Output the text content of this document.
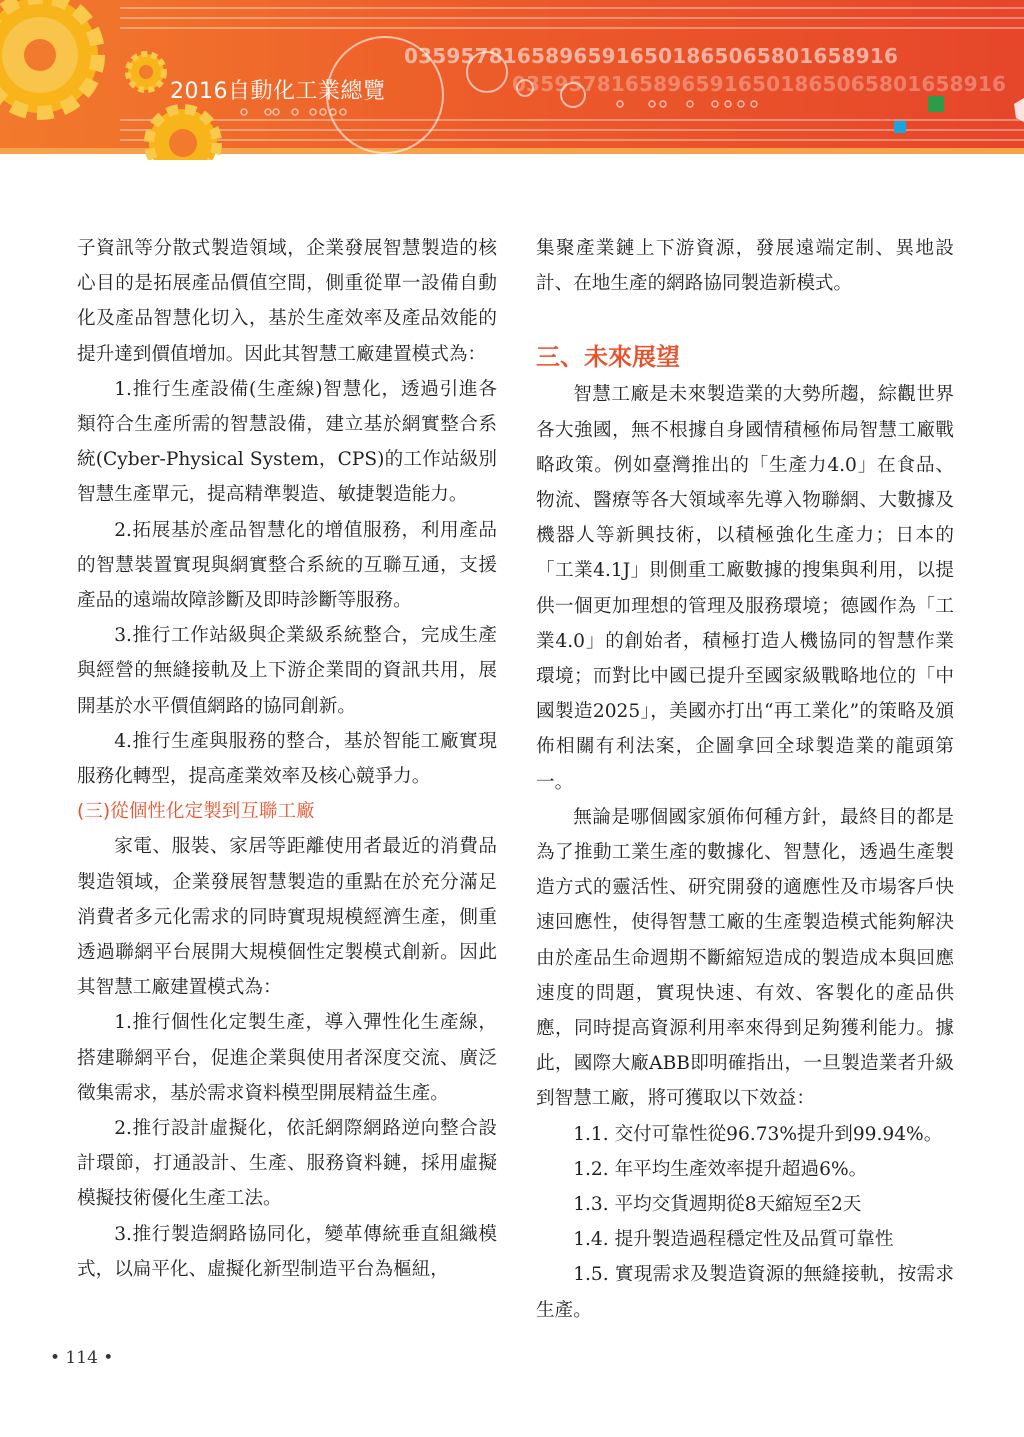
0359578165896591650186506580165891​6
03595781658965916501865065801658916
2016自動化工業總覽

子資訊等分散式製造領域，企業發展智慧製造的核心目的是拓展產品價值空間，側重從單一設備自動化及產品智慧化切入，基於生產效率及產品效能的提升達到價值增加。因此其智慧工廠建置模式為：

1.推行生產設備(生產線)智慧化，透過引進各類符合生產所需的智慧設備，建立基於網實整合系統(Cyber-Physical System，CPS)的工作站級別智慧生產單元，提高精準製造、敏捷製造能力。

2.拓展基於產品智慧化的增值服務，利用產品的智慧裝置實現與網實整合系統的互聯互通，支援產品的遠端故障診斷及即時診斷等服務。

3.推行工作站級與企業級系統整合，完成生產與經營的無縫接軌及上下游企業間的資訊共用，展開基於水平價值網路的協同創新。

4.推行生產與服務的整合，基於智能工廠實現服務化轉型，提高產業效率及核心競爭力。

(三)從個性化定製到互聯工廠

家電、服裝、家居等距離使用者最近的消費品製造領域，企業發展智慧製造的重點在於充分滿足消費者多元化需求的同時實現規模經濟生產，側重透過聯網平台展開大規模個性定製模式創新。因此其智慧工廠建置模式為：

1.推行個性化定製生產，導入彈性化生產線，搭建聯網平台，促進企業與使用者深度交流、廣泛徵集需求，基於需求資料模型開展精益生產。

2.推行設計虛擬化，依託網際網路逆向整合設計環節，打通設計、生產、服務資料鏈，採用虛擬模擬技術優化生產工法。

3.推行製造網路協同化，變革傳統垂直組織模式，以扁平化、虛擬化新型制造平台為樞紐，

集聚產業鏈上下游資源，發展遠端定制、異地設計、在地生產的網路協同製造新模式。

三、未來展望

智慧工廠是未來製造業的大勢所趨，綜觀世界各大強國，無不根據自身國情積極佈局智慧工廠戰略政策。例如臺灣推出的「生產力4.0」在食品、物流、醫療等各大領域率先導入物聯網、大數據及機器人等新興技術，以積極強化生產力；日本的「工業4.1J」則側重工廠數據的搜集與利用，以提供一個更加理想的管理及服務環境；德國作為「工業4.0」的創始者，積極打造人機協同的智慧作業環境；而對比中國已提升至國家級戰略地位的「中國製造2025」，美國亦打出“再工業化”的策略及頒佈相關有利法案，企圖拿回全球製造業的龍頭第一。

無論是哪個國家頒佈何種方針，最終目的都是為了推動工業生產的數據化、智慧化，透過生產製造方式的靈活性、研究開發的適應性及市場客戶快速回應性，使得智慧工廠的生產製造模式能夠解決由於產品生命週期不斷縮短造成的製造成本與回應速度的問題，實現快速、有效、客製化的產品供應，同時提高資源利用率來得到足夠獲利能力。據此，國際大廠ABB即明確指出，一旦製造業者升級到智慧工廠，將可獲取以下效益：

1.1. 交付可靠性從96.73%提升到99.94%。

1.2. 年平均生產效率提升超過6%。

1.3. 平均交貨週期從8天縮短至2天

1.4. 提升製造過程穩定性及品質可靠性

1.5. 實現需求及製造資源的無縫接軌，按需求生產。

• 114 •
